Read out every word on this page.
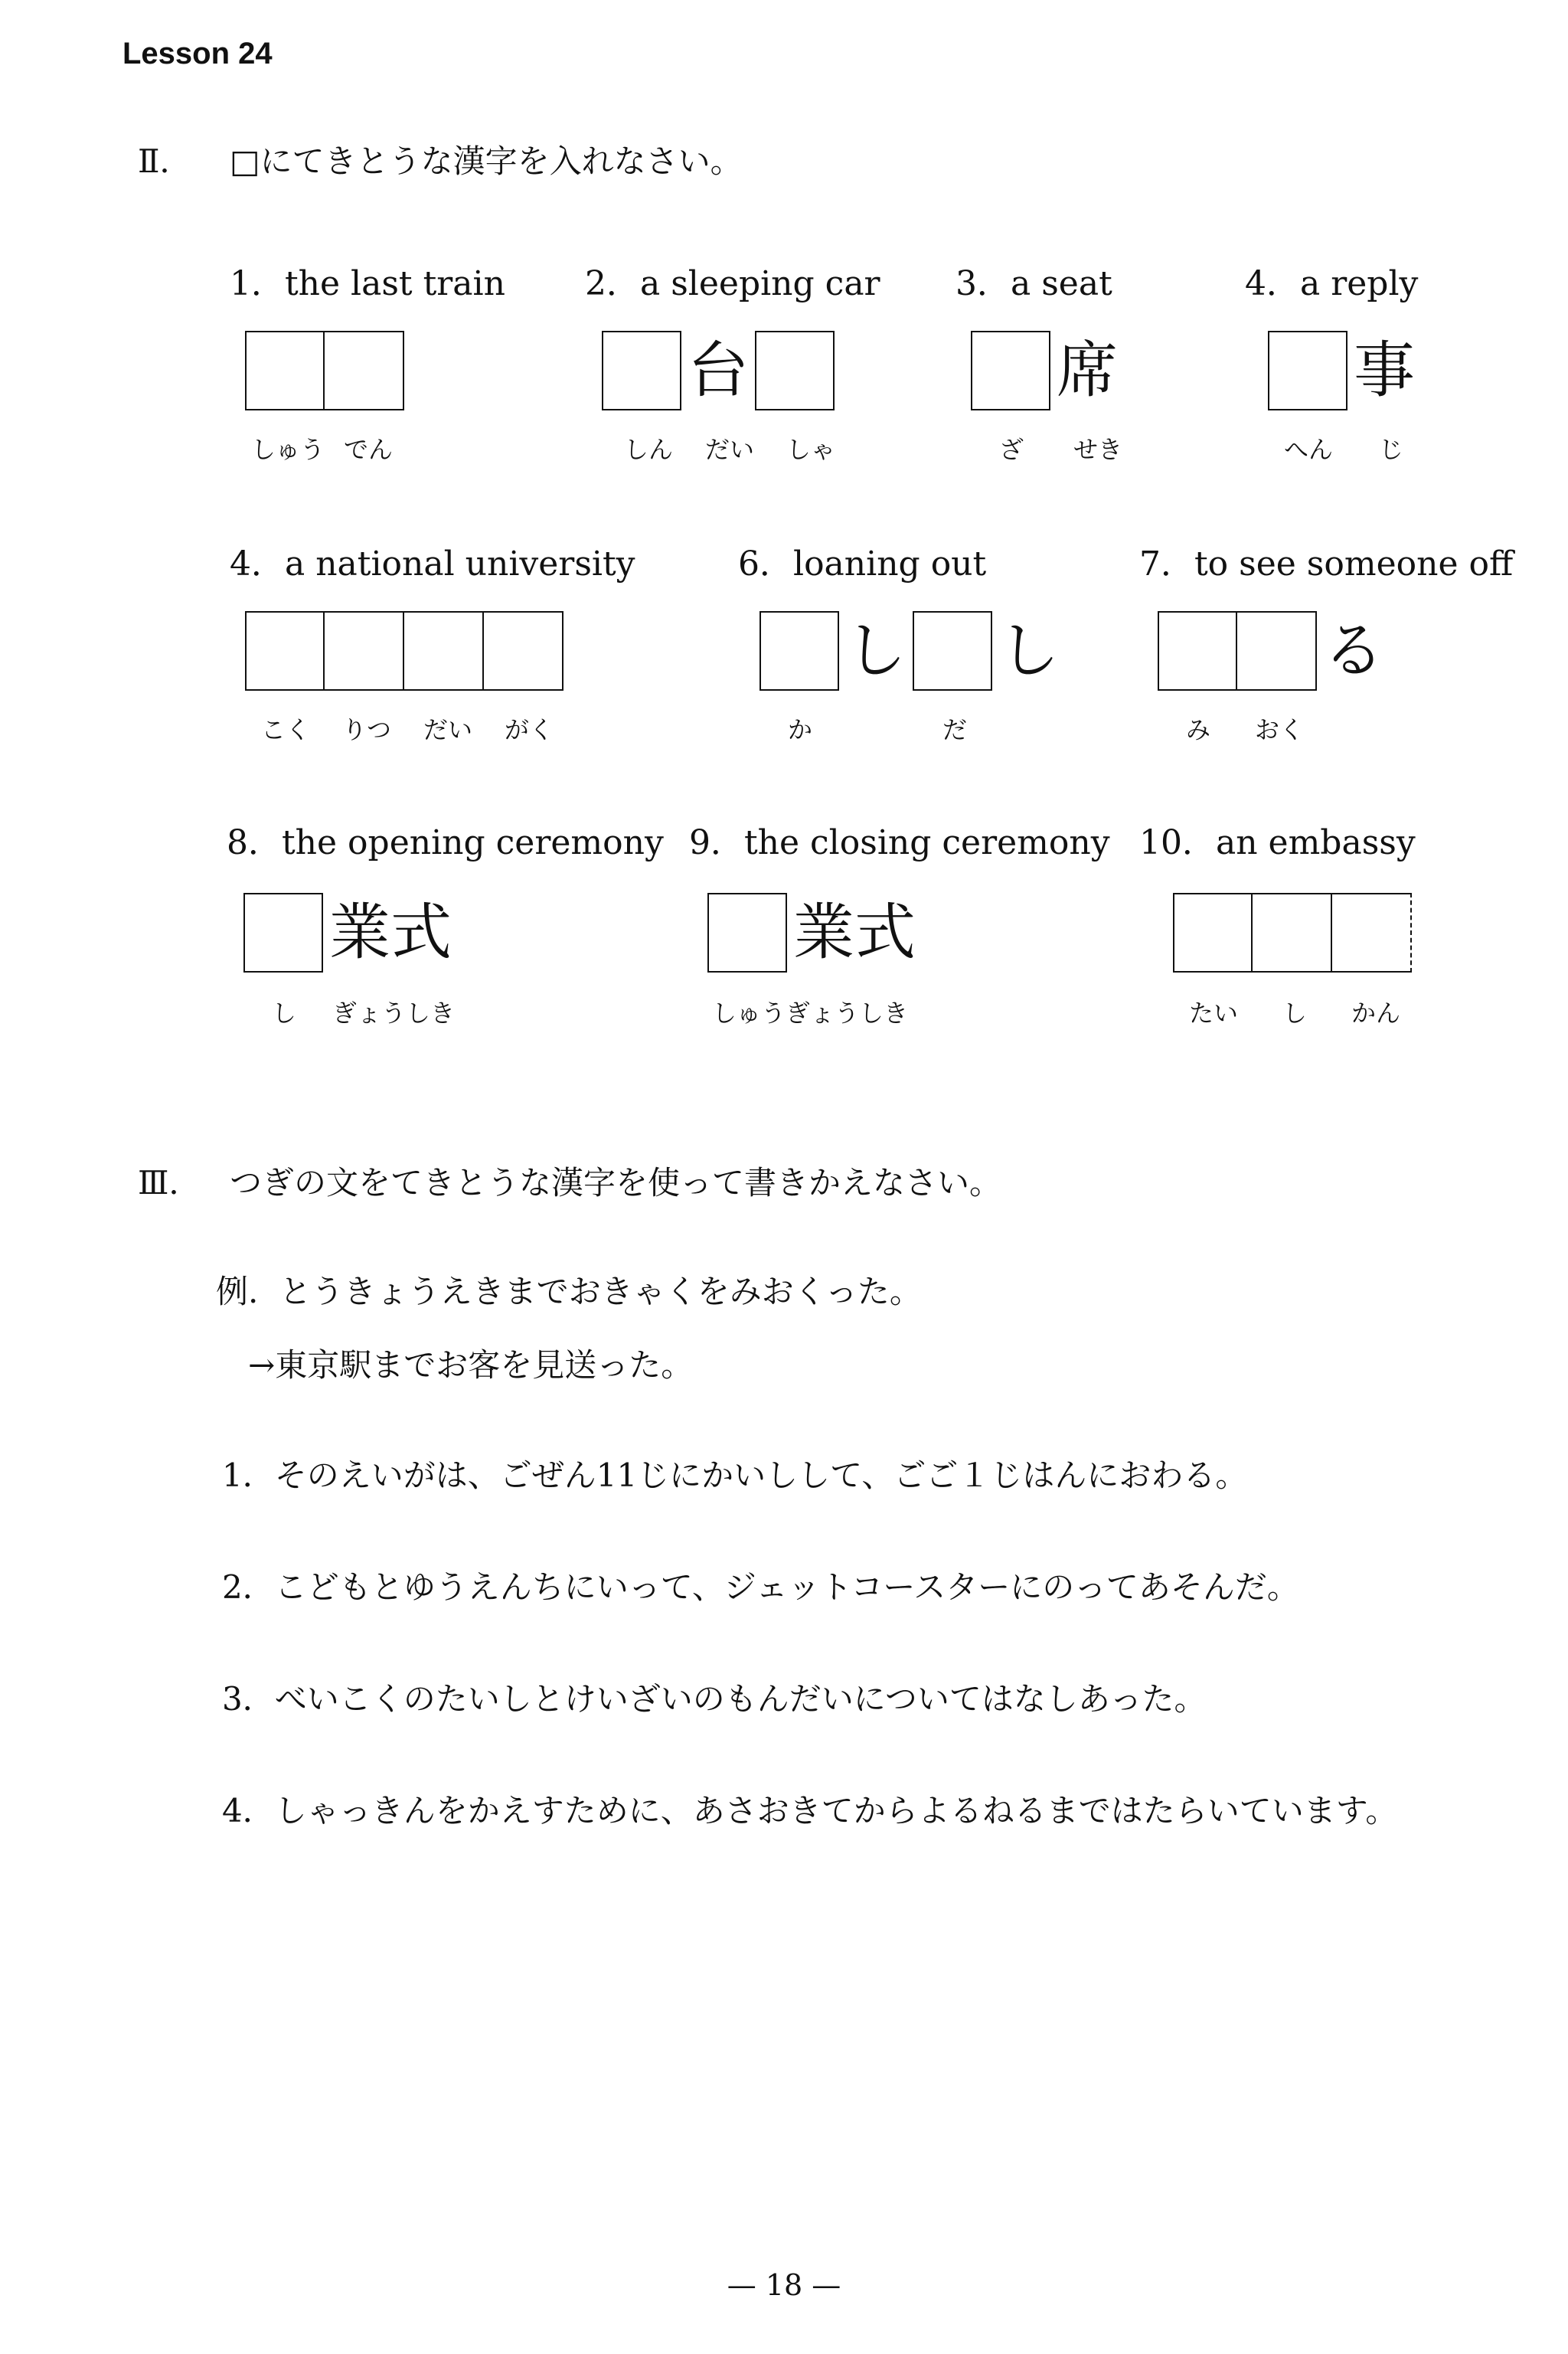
Lesson 24
Ⅱ． □にてきとうな漢字を入れなさい。
1．the last train
しゅう でん
2．a sleeping car
台
しん だい しゃ
3．a seat
席
ざ せき
4．a reply
事
へん じ
4．a national university
こく りつ だい がく
6．loaning out
し し
か	だ
7．to see someone off
る
み おく
8．the opening ceremony
業式
し ぎょうしき
9．the closing ceremony
業式
しゅうぎょうしき
10．an embassy
たい し かん
Ⅲ． つぎの文をてきとうな漢字を使って書きかえなさい。
例. とうきょうえきまでおきゃくをみおくった。
→東京駅までお客を見送った。
1．そのえいがは、ごぜん11じにかいしして、ごご１じはんにおわる。
2．こどもとゆうえんちにいって、ジェットコースターにのってあそんだ。
3．べいこくのたいしとけいざいのもんだいについてはなしあった。
4．しゃっきんをかえすために、あさおきてからよるねるまではたらいています。
— 18 —
